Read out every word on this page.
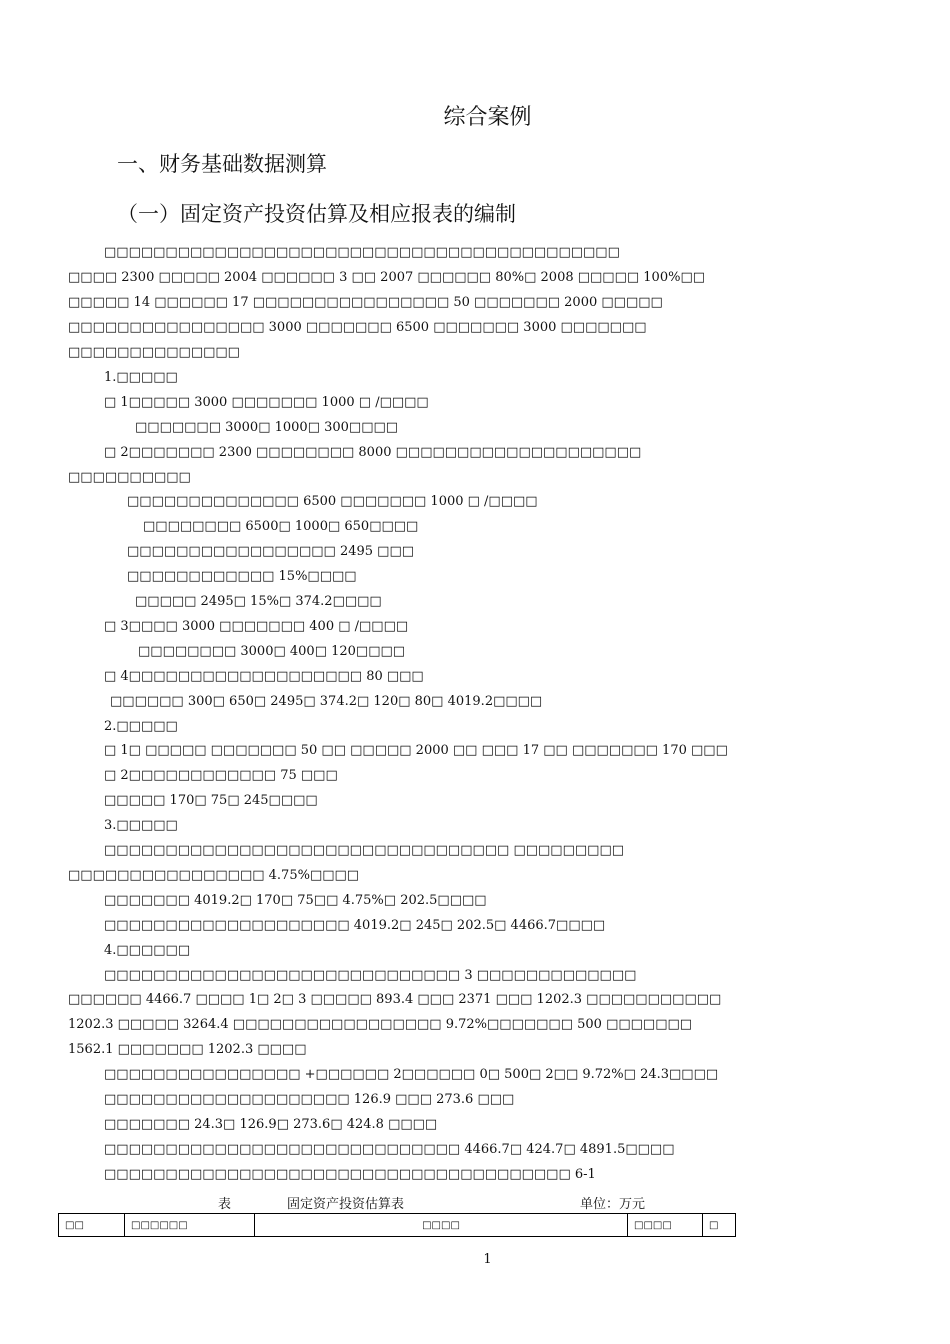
综合案例
一、财务基础数据测算
（一）固定资产投资估算及相应报表的编制
□□□□□□□□□□□□□□□□□□□□□□□□□□□□□□□□□□□□□□□□□□
□□□□ 2300 □□□□□ 2004 □□□□□□ 3 □□ 2007 □□□□□□ 80%□ 2008 □□□□□ 100%□□
□□□□□ 14 □□□□□□ 17 □□□□□□□□□□□□□□□□ 50 □□□□□□□ 2000 □□□□□
□□□□□□□□□□□□□□□□ 3000 □□□□□□□ 6500 □□□□□□□ 3000 □□□□□□□
□□□□□□□□□□□□□□
1.□□□□□
□ 1□□□□□ 3000 □□□□□□□ 1000 □ /□□□□
□□□□□□□ 3000□ 1000□ 300□□□□
□ 2□□□□□□□ 2300 □□□□□□□□ 8000 □□□□□□□□□□□□□□□□□□□□
□□□□□□□□□□
□□□□□□□□□□□□□□ 6500 □□□□□□□ 1000 □ /□□□□
□□□□□□□□ 6500□ 1000□ 650□□□□
□□□□□□□□□□□□□□□□□ 2495 □□□
□□□□□□□□□□□□ 15%□□□□
□□□□□ 2495□ 15%□ 374.2□□□□
□ 3□□□□ 3000 □□□□□□□ 400 □ /□□□□
□□□□□□□□ 3000□ 400□ 120□□□□
□ 4□□□□□□□□□□□□□□□□□□□ 80 □□□
□□□□□□ 300□ 650□ 2495□ 374.2□ 120□ 80□ 4019.2□□□□
2.□□□□□
□ 1□ □□□□□ □□□□□□□ 50 □□ □□□□□ 2000 □□ □□□ 17 □□ □□□□□□□ 170 □□□
□ 2□□□□□□□□□□□□ 75 □□□
□□□□□ 170□ 75□ 245□□□□
3.□□□□□
□□□□□□□□□□□□□□□□□□□□□□□□□□□□□□□□□ □□□□□□□□□
□□□□□□□□□□□□□□□□ 4.75%□□□□
□□□□□□□ 4019.2□ 170□ 75□□ 4.75%□ 202.5□□□□
□□□□□□□□□□□□□□□□□□□□ 4019.2□ 245□ 202.5□ 4466.7□□□□
4.□□□□□□
□□□□□□□□□□□□□□□□□□□□□□□□□□□□□ 3 □□□□□□□□□□□□□
□□□□□□ 4466.7 □□□□ 1□ 2□ 3 □□□□□ 893.4 □□□ 2371 □□□ 1202.3 □□□□□□□□□□□
1202.3 □□□□□ 3264.4 □□□□□□□□□□□□□□□□□ 9.72%□□□□□□□ 500 □□□□□□□
1562.1 □□□□□□□ 1202.3 □□□□
□□□□□□□□□□□□□□□□ +□□□□□□ 2□□□□□□ 0□ 500□ 2□□ 9.72%□ 24.3□□□□
□□□□□□□□□□□□□□□□□□□□ 126.9 □□□ 273.6 □□□
□□□□□□□ 24.3□ 126.9□ 273.6□ 424.8 □□□□
□□□□□□□□□□□□□□□□□□□□□□□□□□□□□ 4466.7□ 424.7□ 4891.5□□□□
□□□□□□□□□□□□□□□□□□□□□□□□□□□□□□□□□□□□□□ 6-1
表	固定资产投资估算表	单位：万元
□□	□□□□□□	□□□□	□□□□	□
1
